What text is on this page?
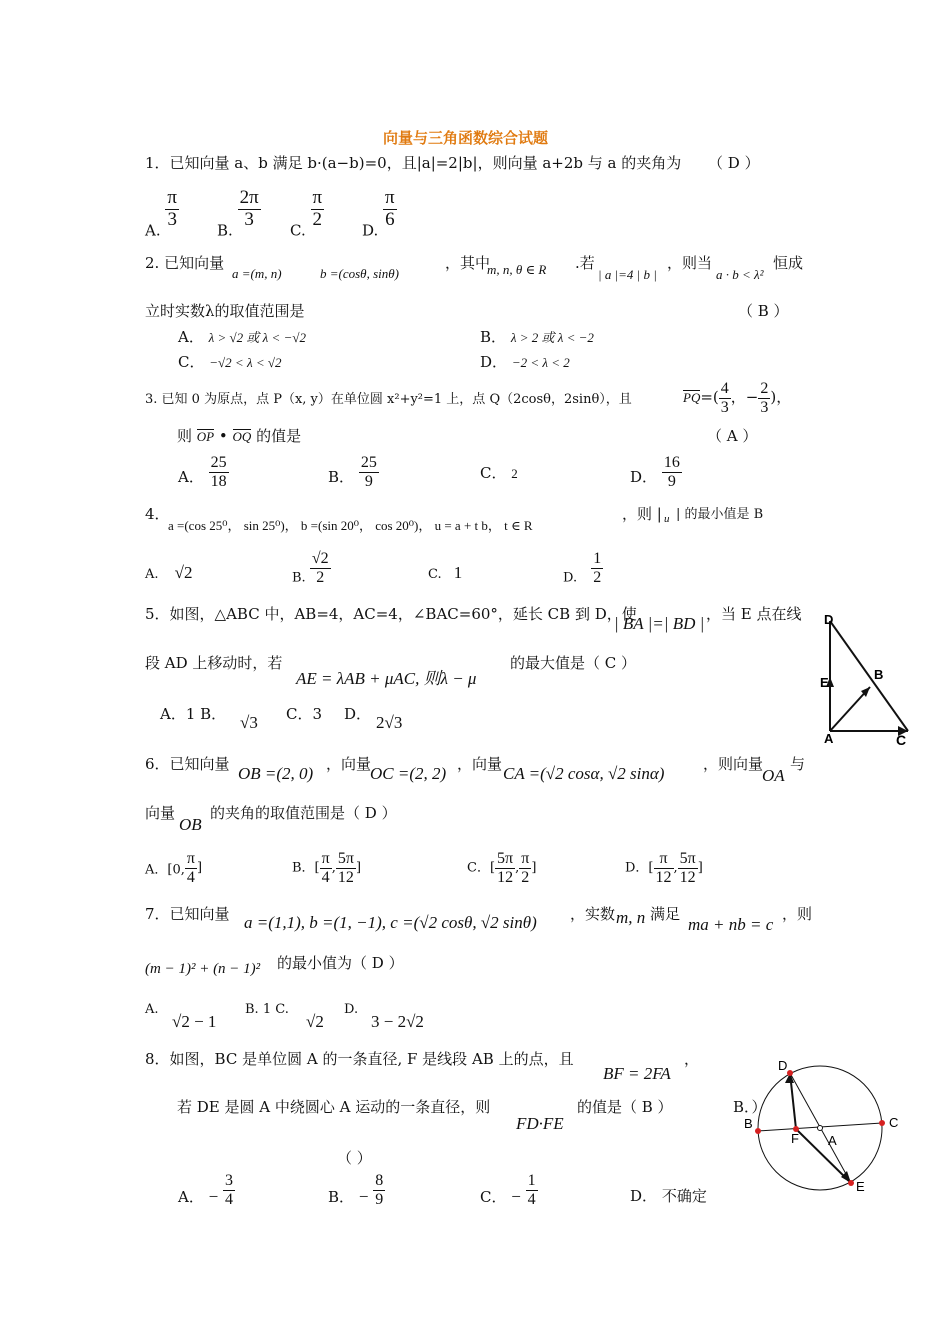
向量与三角函数综合试题
1．已知向量 a、b 满足 b·(a−b)=0，且|a|=2|b|，则向量 a+2b 与 a 的夹角为 （ D ）
A. $\frac{\pi}{3}$	B. $\frac{2\pi}{3} C$. $\frac{\pi}{2}$	D. $\frac{\pi}{6}$
2. 已知向量
a =(m, n)	b =(cosθ, sinθ)
，其中
m, n, θ ∈ R .若
| a |=4 | b |
，则当
a · b < λ²
恒成
立时实数λ的取值范围是	（ B ）
A． λ > √2 或 λ < −√2	B． λ > 2 或 λ < −2
C． −√2 < λ < √2	D． −2 < λ < 2
3. 已知 0 为原点，点 P（x, y）在单位圆 x²+y²=1 上，点 Q（2cosθ，2sinθ），且	$PQ=( \frac{4}{3}$ ，− $\frac{2}{3}$ )，
则 OP • OQ 的值是	（ A ）
A． $\frac{25}{18}$	B． $\frac{25}{9}$	C． 2	D． $\frac{16}{9}$
4．
a =(cos 25⁰， sin 25⁰)， b =(sin 20⁰， cos 20⁰)， u = a + t b， t ∈ R
，则 | u | 的最小值是 B
A. √2	B. $\frac{√2}{2}$	C. 1	D. $\frac{1}{2}$
5．如图，△ABC 中，AB=4，AC=4，∠BAC=60°，延长 CB 到 D，使
| BA |=| BD | ，当 E 点在线
段 AD 上移动时，若
AE = λAB + μAC, 则λ − μ
的最大值是（ C ）
A．1 B． √3 C．3 D． 2√3
D
E
B
A	C
6．已知向量 OB =(2, 0) ，向量
OC =(2, 2) ，向量 CA =(√2 cosα, √2 sinα)	，则向量
OA
与
向量
OB
的夹角的取值范围是（ D ）
A．[0, $\frac{\pi}{4}$ ]	B．[ $\frac{\pi}{4}$ , $\frac{5\pi}{12}$ ]	C．[ $\frac{5\pi}{12}$ , $\frac{\pi}{2}$ ]	D．[ $\frac{\pi}{12}$ , $\frac{5\pi}{12}$ ]
7．已知向量 a =(1,1), b =(1, −1), c =(√2 cosθ, √2 sinθ) ，实数 m, n 满足
ma + nb = c
，则
(m − 1)² + (n − 1)² 的最小值为（ D ）
A.
√2 − 1
B. 1 C.
√2
D.
3 − 2√2
8．如图，BC 是单位圆 A 的一条直径, F 是线段 AB 上的点，且
BF = 2FA
，
若 DE 是圆 A 中绕圆心 A 运动的一条直径，则
FD·FE
的值是（ B ）	B．）
（ ）
A． − $\frac{3}{4}$	B． − $\frac{8}{9}$	C． − $\frac{1}{4}$	D． 不确定
D
B
F A
C
E
